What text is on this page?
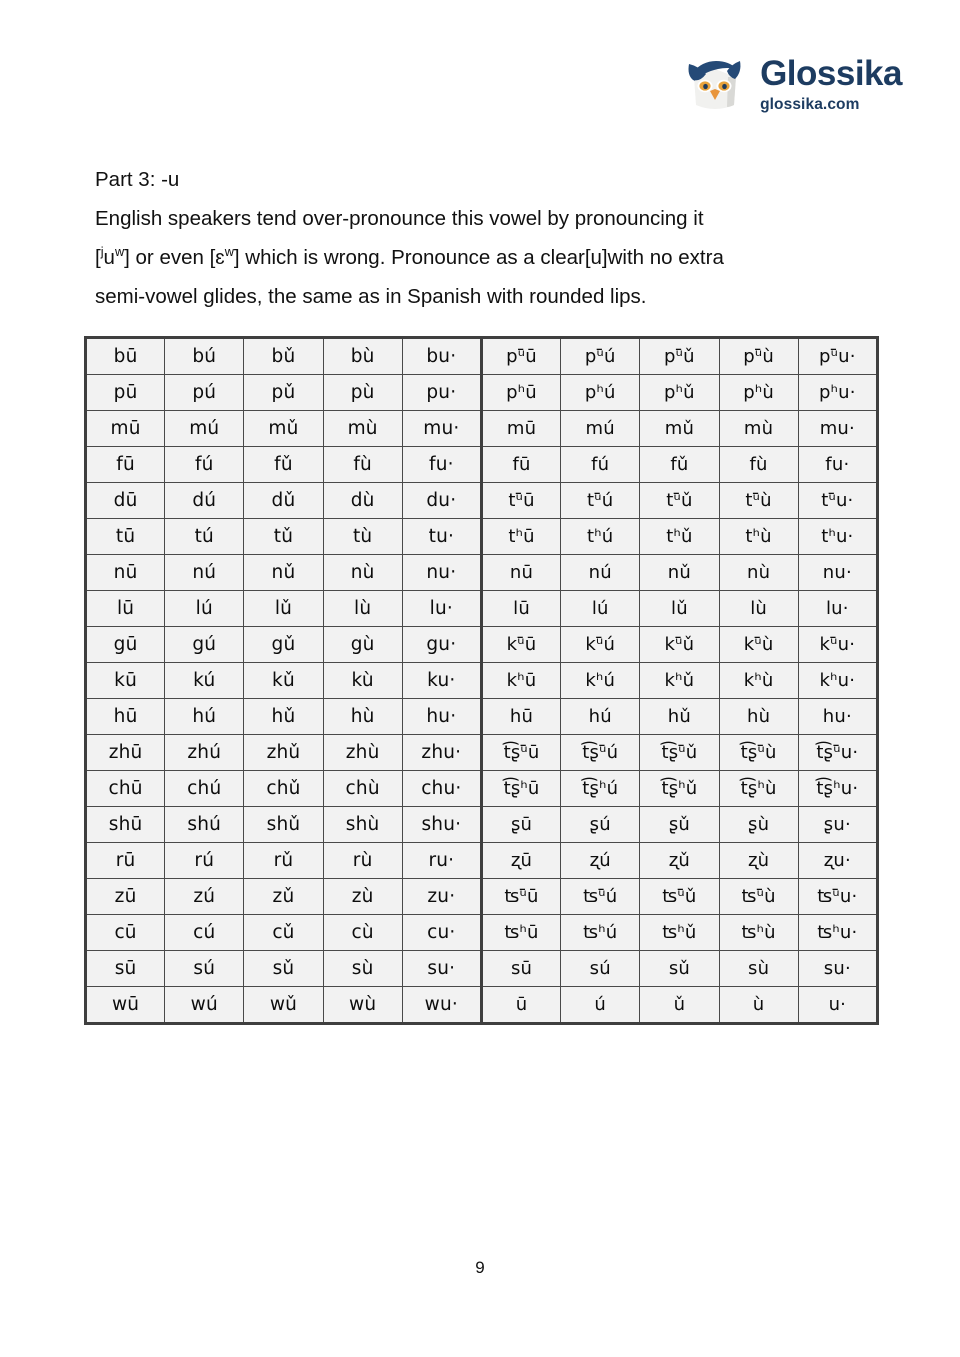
Glossika
glossika.com

Part 3: -u

English speakers tend over-pronounce this vowel by pronouncing it

$[^ju^w]$ or even [ɛ$^w$] which is wrong. Pronounce as a clear[u]with no extra

semi-vowel glides, the same as in Spanish with rounded lips.

bū	bú	bǔ	bù	bu·	pᵘ̄ū	pᵘ̄ú	pᵘ̄ǔ	pᵘ̄ù	pᵘ̄u·
pū	pú	pǔ	pù	pu·	pʰū	pʰú	pʰǔ	pʰù	pʰu·
mū	mú	mǔ	mù	mu·	mū	mú	mǔ	mù	mu·
fū	fú	fǔ	fù	fu·	fū	fú	fǔ	fù	fu·
dū	dú	dǔ	dù	du·	tᵘ̄ū	tᵘ̄ú	tᵘ̄ǔ	tᵘ̄ù	tᵘ̄u·
tū	tú	tǔ	tù	tu·	tʰū	tʰú	tʰǔ	tʰù	tʰu·
nū	nú	nǔ	nù	nu·	nū	nú	nǔ	nù	nu·
lū	lú	lǔ	lù	lu·	lū	lú	lǔ	lù	lu·
gū	gú	gǔ	gù	gu·	kᵘ̄ū	kᵘ̄ú	kᵘ̄ǔ	kᵘ̄ù	kᵘ̄u·
kū	kú	kǔ	kù	ku·	kʰū	kʰú	kʰǔ	kʰù	kʰu·
hū	hú	hǔ	hù	hu·	hū	hú	hǔ	hù	hu·
zhū	zhú	zhǔ	zhù	zhu·	t͡ʂᵘ̄ū	t͡ʂᵘ̄ú	t͡ʂᵘ̄ǔ	t͡ʂᵘ̄ù	t͡ʂᵘ̄u·
chū	chú	chǔ	chù	chu·	t͡ʂʰū	t͡ʂʰú	t͡ʂʰǔ	t͡ʂʰù	t͡ʂʰu·
shū	shú	shǔ	shù	shu·	ʂū	ʂú	ʂǔ	ʂù	ʂu·
rū	rú	rǔ	rù	ru·	ʐū	ʐú	ʐǔ	ʐù	ʐu·
zū	zú	zǔ	zù	zu·	ʦᵘ̄ū	ʦᵘ̄ú	ʦᵘ̄ǔ	ʦᵘ̄ù	ʦᵘ̄u·
cū	cú	cǔ	cù	cu·	ʦʰū	ʦʰú	ʦʰǔ	ʦʰù	ʦʰu·
sū	sú	sǔ	sù	su·	sū	sú	sǔ	sù	su·
wū	wú	wǔ	wù	wu·	ū	ú	ǔ	ù	u·
9
